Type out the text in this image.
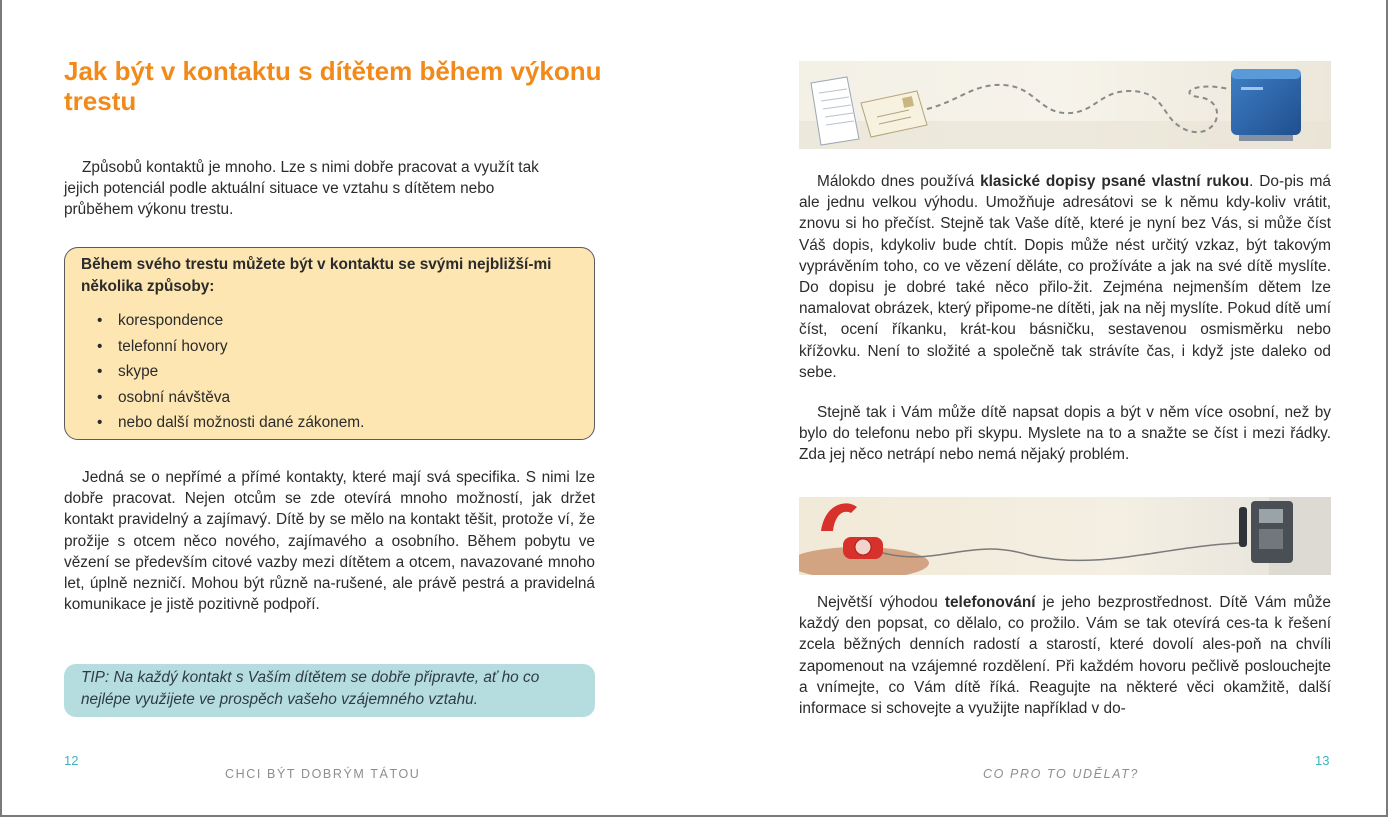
Jak být v kontaktu s dítětem během výkonu trestu

Způsobů kontaktů je mnoho. Lze s nimi dobře pracovat a využít tak jejich potenciál podle aktuální situace ve vztahu s dítětem nebo průběhem výkonu trestu.

Během svého trestu můžete být v kontaktu se svými nejbližší-mi několika způsoby:

• korespondence
• telefonní hovory
• skype
• osobní návštěva
• nebo další možnosti dané zákonem.

Jedná se o nepřímé a přímé kontakty, které mají svá specifika. S nimi lze dobře pracovat. Nejen otcům se zde otevírá mnoho možností, jak držet kontakt pravidelný a zajímavý. Dítě by se mělo na kontakt těšit, protože ví, že prožije s otcem něco nového, zajímavého a osobního. Během pobytu ve vězení se především citové vazby mezi dítětem a otcem, navazované mnoho let, úplně nezničí. Mohou být různě na-rušené, ale právě pestrá a pravidelná komunikace je jistě pozitivně podpoří.

TIP: Na každý kontakt s Vaším dítětem se dobře připravte, ať ho co nejlépe využijete ve prospěch vašeho vzájemného vztahu.

12
CHCI BÝT DOBRÝM TÁTOU

Málokdo dnes používá klasické dopisy psané vlastní rukou. Do-pis má ale jednu velkou výhodu. Umožňuje adresátovi se k němu kdy-koliv vrátit, znovu si ho přečíst. Stejně tak Vaše dítě, které je nyní bez Vás, si může číst Váš dopis, kdykoliv bude chtít. Dopis může nést určitý vzkaz, být takovým vyprávěním toho, co ve vězení děláte, co prožíváte a jak na své dítě myslíte. Do dopisu je dobré také něco přilo-žit. Zejména nejmenším dětem lze namalovat obrázek, který připome-ne dítěti, jak na něj myslíte. Pokud dítě umí číst, ocení říkanku, krát-kou básničku, sestavenou osmisměrku nebo křížovku. Není to složité a společně tak strávíte čas, i když jste daleko od sebe.

Stejně tak i Vám může dítě napsat dopis a být v něm více osobní, než by bylo do telefonu nebo při skypu. Myslete na to a snažte se číst i mezi řádky. Zda jej něco netrápí nebo nemá nějaký problém.

Největší výhodou telefonování je jeho bezprostřednost. Dítě Vám může každý den popsat, co dělalo, co prožilo. Vám se tak otevírá ces-ta k řešení zcela běžných denních radostí a starostí, které dovolí ales-poň na chvíli zapomenout na vzájemné rozdělení. Při každém hovoru pečlivě poslouchejte a vnímejte, co Vám dítě říká. Reagujte na některé věci okamžitě, další informace si schovejte a využijte například v do-

CO PRO TO UDĚLAT?
13
